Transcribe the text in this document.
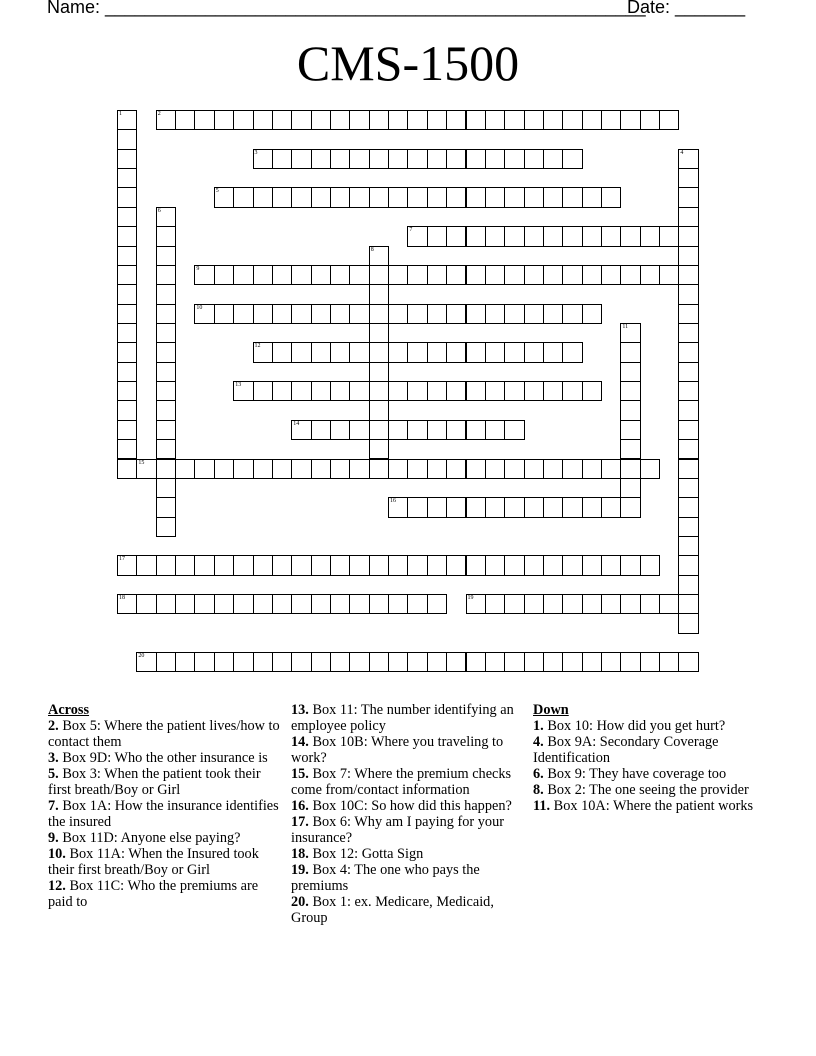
Name: ______________________________________________________
Date: _______
CMS-1500
2
3
5
7
9
10
12
13
14
15
16
17
18	19
20
1
4
6
8
11
Across

2. Box 5: Where the patient lives/how to contact them

3. Box 9D: Who the other insurance is

5. Box 3: When the patient took their first breath/Boy or Girl

7. Box 1A: How the insurance identifies the insured

9. Box 11D: Anyone else paying?

10. Box 11A: When the Insured took their first breath/Boy or Girl

12. Box 11C: Who the premiums are paid to

13. Box 11: The number identifying an employee policy

14. Box 10B: Where you traveling to work?

15. Box 7: Where the premium checks come from/contact information

16. Box 10C: So how did this happen?

17. Box 6: Why am I paying for your insurance?

18. Box 12: Gotta Sign

19. Box 4: The one who pays the premiums

20. Box 1: ex. Medicare, Medicaid, Group

Down

1. Box 10: How did you get hurt?

4. Box 9A: Secondary Coverage Identification

6. Box 9: They have coverage too

8. Box 2: The one seeing the provider

11. Box 10A: Where the patient works
